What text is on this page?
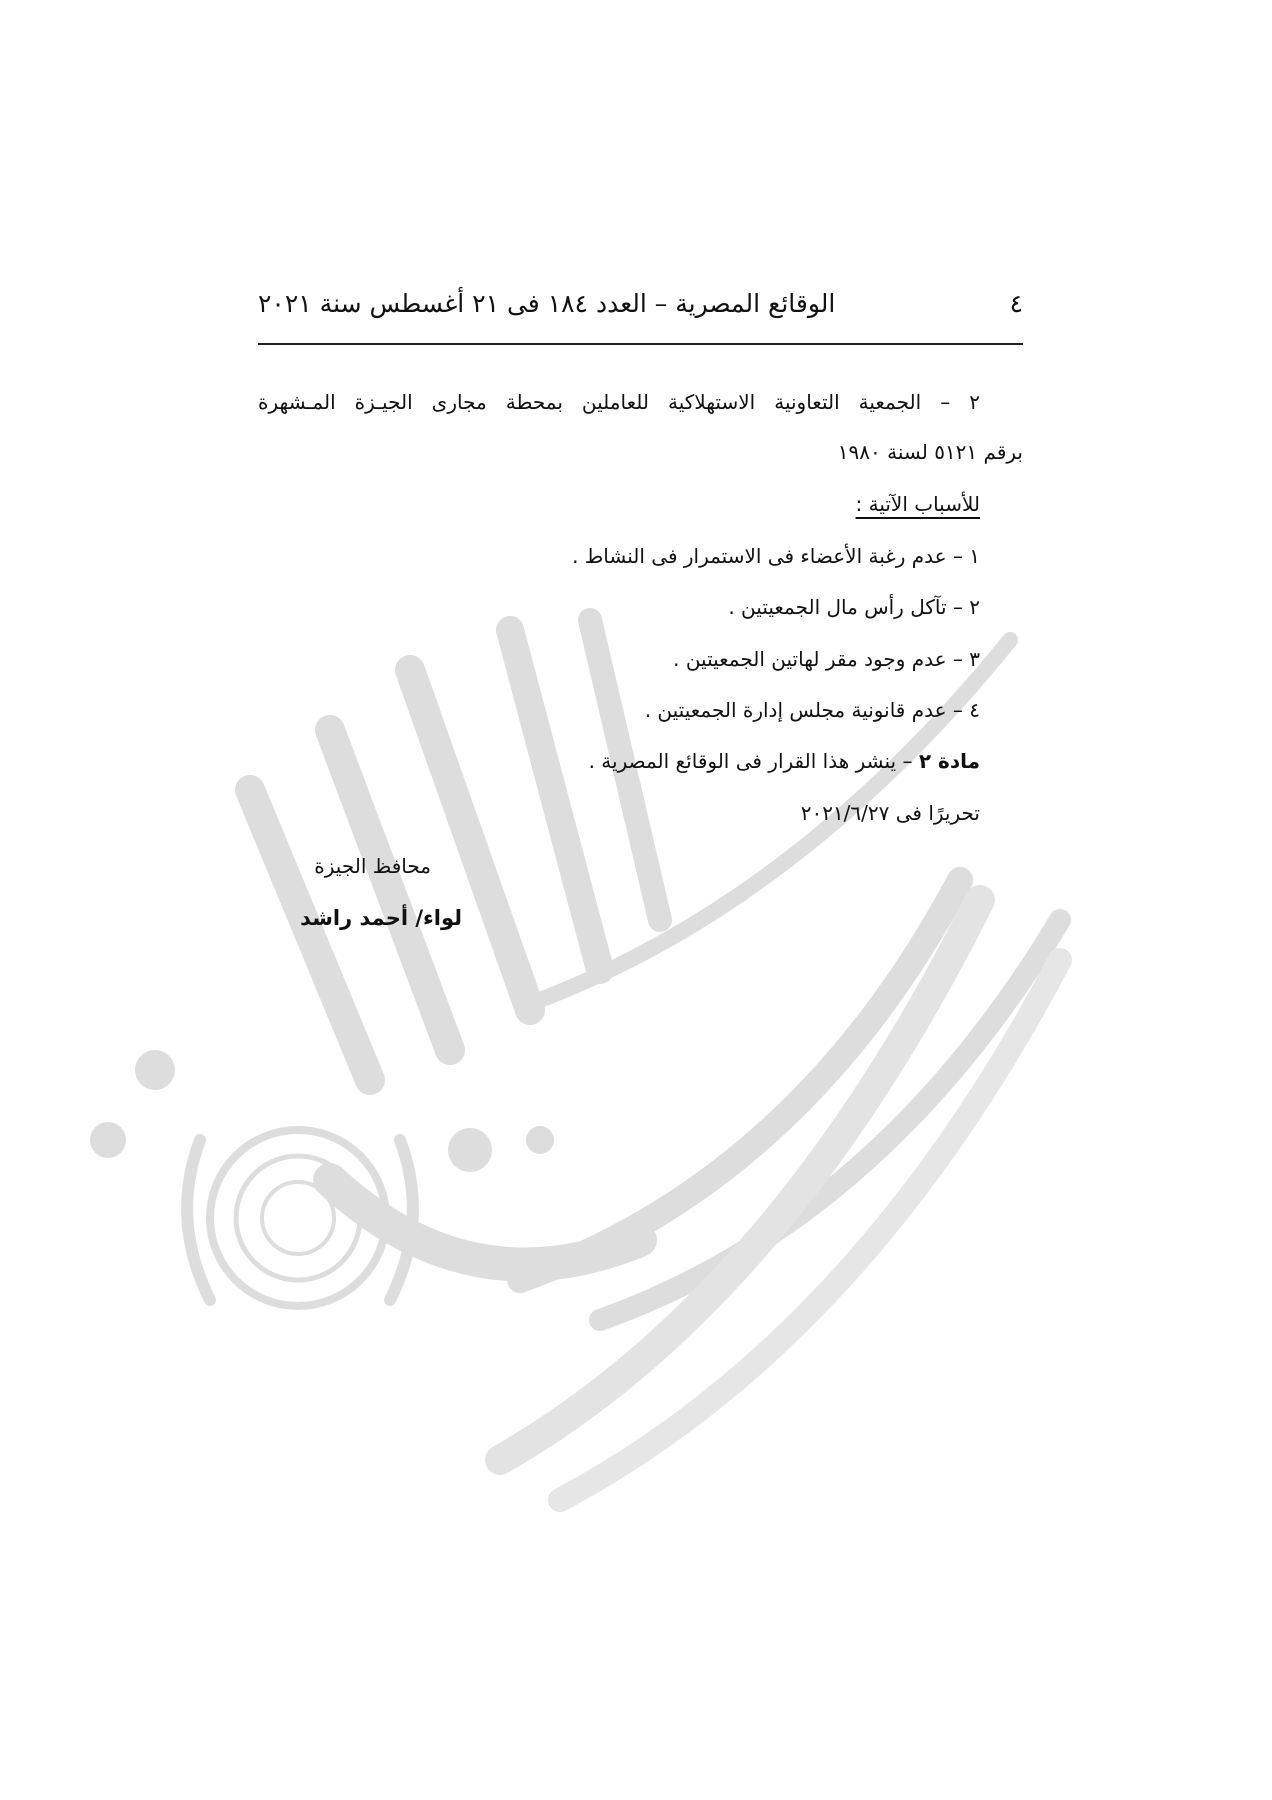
٤
الوقائع المصرية – العدد ١٨٤ فى ٢١ أغسطس سنة ٢٠٢١
٢ – الجمعية التعاونية الاستهلاكية للعاملين بمحطة مجارى الجيـزة المـشهرة
برقم ٥١٢١ لسنة ١٩٨٠
للأسباب الآتية :
١ – عدم رغبة الأعضاء فى الاستمرار فى النشاط .
٢ – تآكل رأس مال الجمعيتين .
٣ – عدم وجود مقر لهاتين الجمعيتين .
٤ – عدم قانونية مجلس إدارة الجمعيتين .
مادة ٢ – ينشر هذا القرار فى الوقائع المصرية .
تحريرًا فى ٢٠٢١/٦/٢٧
محافظ الجيزة
لواء/ أحمد راشد
